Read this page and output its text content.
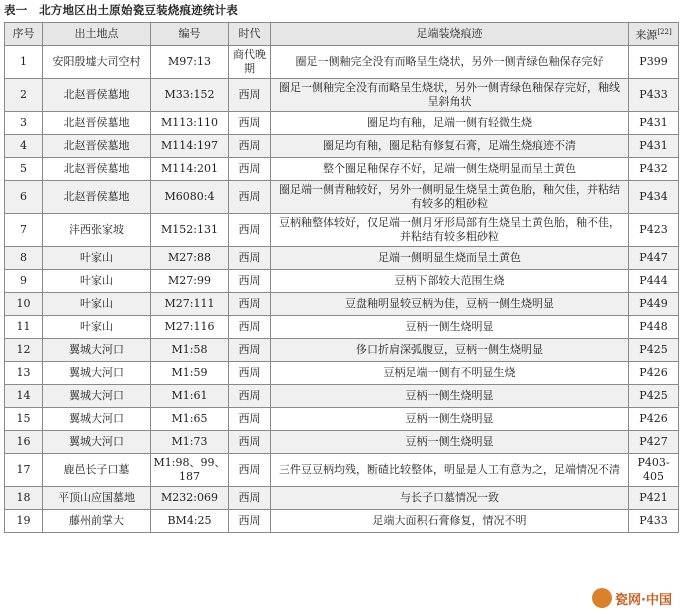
表一　北方地区出土原始瓷豆装烧痕迹统计表
序号	出土地点	编号	时代	足端装烧痕迹	来源[22]
1	安阳殷墟大司空村	M97:13	商代晚期	圈足一侧釉完全没有而略呈生烧状，另外一侧青绿色釉保存完好	P399
2	北赵晋侯墓地	M33:152	西周	圈足一侧釉完全没有而略呈生烧状，另外一侧青绿色釉保存完好，釉线呈斜角状	P433
3	北赵晋侯墓地	M113:110	西周	圈足均有釉，足端一侧有轻微生烧	P431
4	北赵晋侯墓地	M114:197	西周	圈足均有釉，圈足粘有修复石膏，足端生烧痕迹不清	P431
5	北赵晋侯墓地	M114:201	西周	整个圈足釉保存不好，足端一侧生烧明显而呈土黄色	P432
6	北赵晋侯墓地	M6080:4	西周	圈足端一侧青釉较好，另外一侧明显生烧呈土黄色胎，釉欠佳，并粘结有较多的粗砂粒	P434
7	沣西张家坡	M152:131	西周	豆柄釉整体较好，仅足端一侧月牙形局部有生烧呈土黄色胎，釉不佳，并粘结有较多粗砂粒	P423
8	叶家山	M27:88	西周	足端一侧明显生烧而呈土黄色	P447
9	叶家山	M27:99	西周	豆柄下部较大范围生烧	P444
10	叶家山	M27:111	西周	豆盘釉明显较豆柄为佳，豆柄一侧生烧明显	P449
11	叶家山	M27:116	西周	豆柄一侧生烧明显	P448
12	翼城大河口	M1:58	西周	侈口折肩深弧腹豆，豆柄一侧生烧明显	P425
13	翼城大河口	M1:59	西周	豆柄足端一侧有不明显生烧	P426
14	翼城大河口	M1:61	西周	豆柄一侧生烧明显	P425
15	翼城大河口	M1:65	西周	豆柄一侧生烧明显	P426
16	翼城大河口	M1:73	西周	豆柄一侧生烧明显	P427
17	鹿邑长子口墓	M1:98、99、187	西周	三件豆豆柄均残，断碴比较整体，明显是人工有意为之，足端情况不清	P403-405
18	平顶山应国墓地	M232:069	西周	与长子口墓情况一致	P421
19	藤州前掌大	BM4:25	西周	足端大面积石膏修复，情况不明	P433
瓷网·中国
